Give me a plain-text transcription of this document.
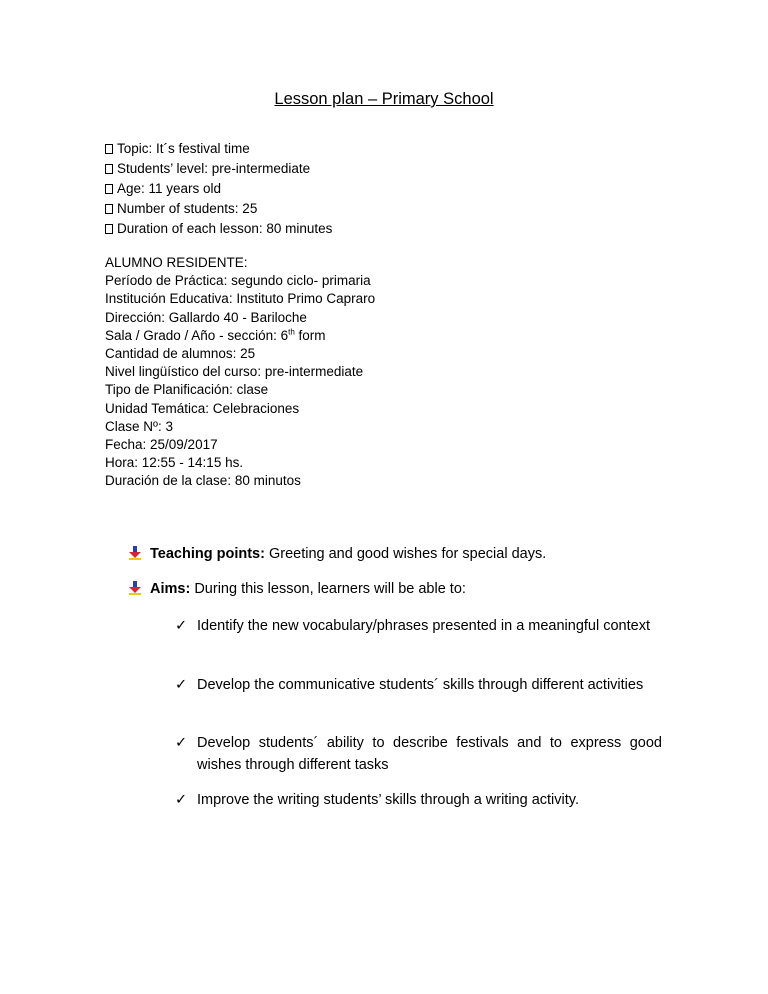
Lesson plan – Primary School
Topic: It´s festival time
Students’ level: pre-intermediate
Age: 11 years old
Number of students: 25
Duration of each lesson: 80 minutes
ALUMNO RESIDENTE:
Período de Práctica: segundo ciclo- primaria
Institución Educativa: Instituto Primo Capraro
Dirección: Gallardo 40 - Bariloche
Sala / Grado / Año - sección: 6th form
Cantidad de alumnos: 25
Nivel lingüístico del curso: pre-intermediate
Tipo de Planificación: clase
Unidad Temática: Celebraciones
Clase Nº: 3
Fecha: 25/09/2017
Hora: 12:55 - 14:15 hs.
Duración de la clase: 80 minutos
Teaching points: Greeting and good wishes for special days.
Aims: During this lesson, learners will be able to:
✓ Identify the new vocabulary/phrases presented in a meaningful context
✓ Develop the communicative students´ skills through different activities
✓ Develop students´ ability to describe festivals and to express good wishes through different tasks
✓ Improve the writing students’ skills through a writing activity.
